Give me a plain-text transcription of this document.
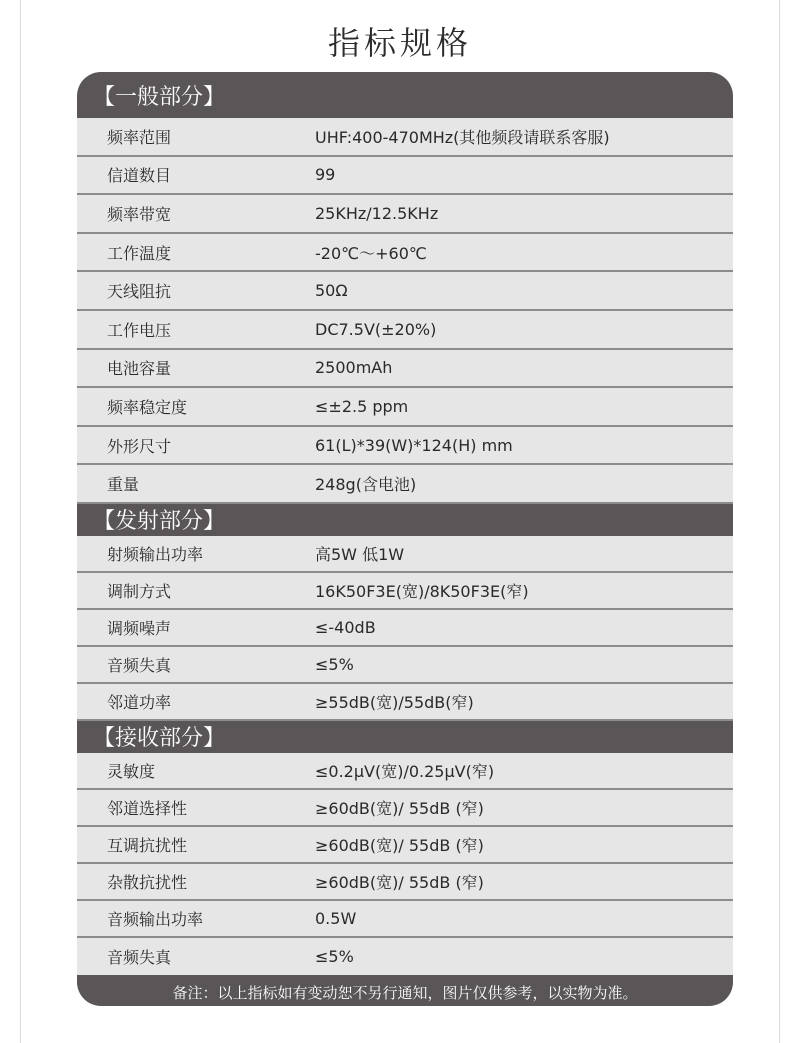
指标规格
【一般部分】
频率范围	UHF:400-470MHz(其他频段请联系客服)
信道数目	99
频率带宽	25KHz/12.5KHz
工作温度	-20℃～+60℃
天线阻抗	50Ω
工作电压	DC7.5V(±20%)
电池容量	2500mAh
频率稳定度	≤±2.5 ppm
外形尺寸	61(L)*39(W)*124(H) mm
重量	248g(含电池)
【发射部分】
射频输出功率	高5W 低1W
调制方式	16K50F3E(宽)/8K50F3E(窄)
调频噪声	≤-40dB
音频失真	≤5%
邻道功率	≥55dB(宽)/55dB(窄)
【接收部分】
灵敏度	≤0.2μV(宽)/0.25μV(窄)
邻道选择性	≥60dB(宽)/ 55dB (窄)
互调抗扰性	≥60dB(宽)/ 55dB (窄)
杂散抗扰性	≥60dB(宽)/ 55dB (窄)
音频输出功率	0.5W
音频失真	≤5%
备注：以上指标如有变动恕不另行通知，图片仅供参考，以实物为准。
